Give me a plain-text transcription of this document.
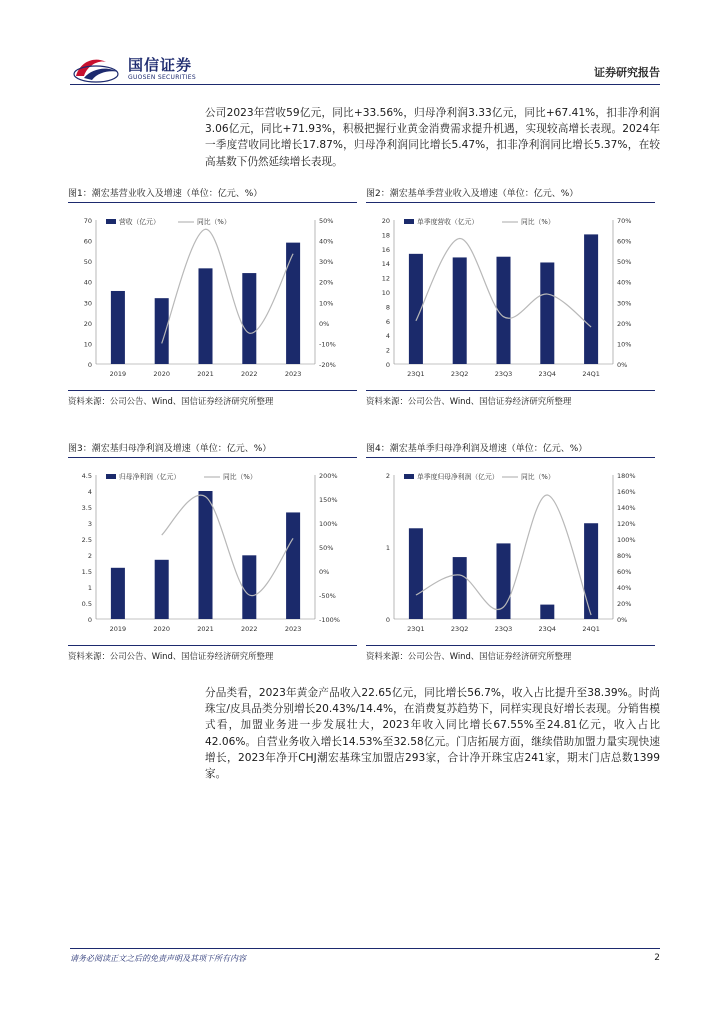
国信证券
GUOSEN SECURITIES	证券研究报告

公司2023年营收59亿元，同比+33.56%，归母净利润3.33亿元，同比+67.41%，扣非净利润3.06亿元，同比+71.93%，积极把握行业黄金消费需求提升机遇，实现较高增长表现。2024年一季度营收同比增长17.87%，归母净利润同比增长5.47%，扣非净利润同比增长5.37%，在较高基数下仍然延续增长表现。

图1：潮宏基营业收入及增速（单位：亿元、%）
0
10
20
30
40
50
60
70
-20%
-10%
0%
10%
20%
30%
40%
50%
2019	2020	2021	2022	2023
营收（亿元）	同比（%）
资料来源：公司公告、Wind、国信证券经济研究所整理
图2：潮宏基单季营业收入及增速（单位：亿元、%）
0
2
4
6
8
10
12
14
16
18
20
0%
10%
20%
30%
40%
50%
60%
70%
23Q1	23Q2	23Q3	23Q4	24Q1
单季度营收（亿元）	同比（%）
资料来源：公司公告、Wind、国信证券经济研究所整理
图3：潮宏基归母净利润及增速（单位：亿元、%）
0
0.5
1
1.5
2
2.5
3
3.5
4
4.5
-100%
-50%
0%
50%
100%
150%
200%
2019	2020	2021	2022	2023
归母净利润（亿元）	同比（%）
资料来源：公司公告、Wind、国信证券经济研究所整理
图4：潮宏基单季归母净利润及增速（单位：亿元、%）
0
1
2
0%
20%
40%
60%
80%
100%
120%
140%
160%
180%
23Q1	23Q2	23Q3	23Q4	24Q1
单季度归母净利润（亿元）	同比（%）
资料来源：公司公告、Wind、国信证券经济研究所整理

分品类看，2023年黄金产品收入22.65亿元，同比增长56.7%，收入占比提升至38.39%。时尚珠宝/皮具品类分别增长20.43%/14.4%，在消费复苏趋势下，同样实现良好增长表现。分销售模式看，加盟业务进一步发展壮大，2023年收入同比增长67.55%至24.81亿元，收入占比42.06%。自营业务收入增长14.53%至32.58亿元。门店拓展方面，继续借助加盟力量实现快速增长，2023年净开CHJ潮宏基珠宝加盟店293家，合计净开珠宝店241家，期末门店总数1399家。

请务必阅读正文之后的免责声明及其项下所有内容	2
